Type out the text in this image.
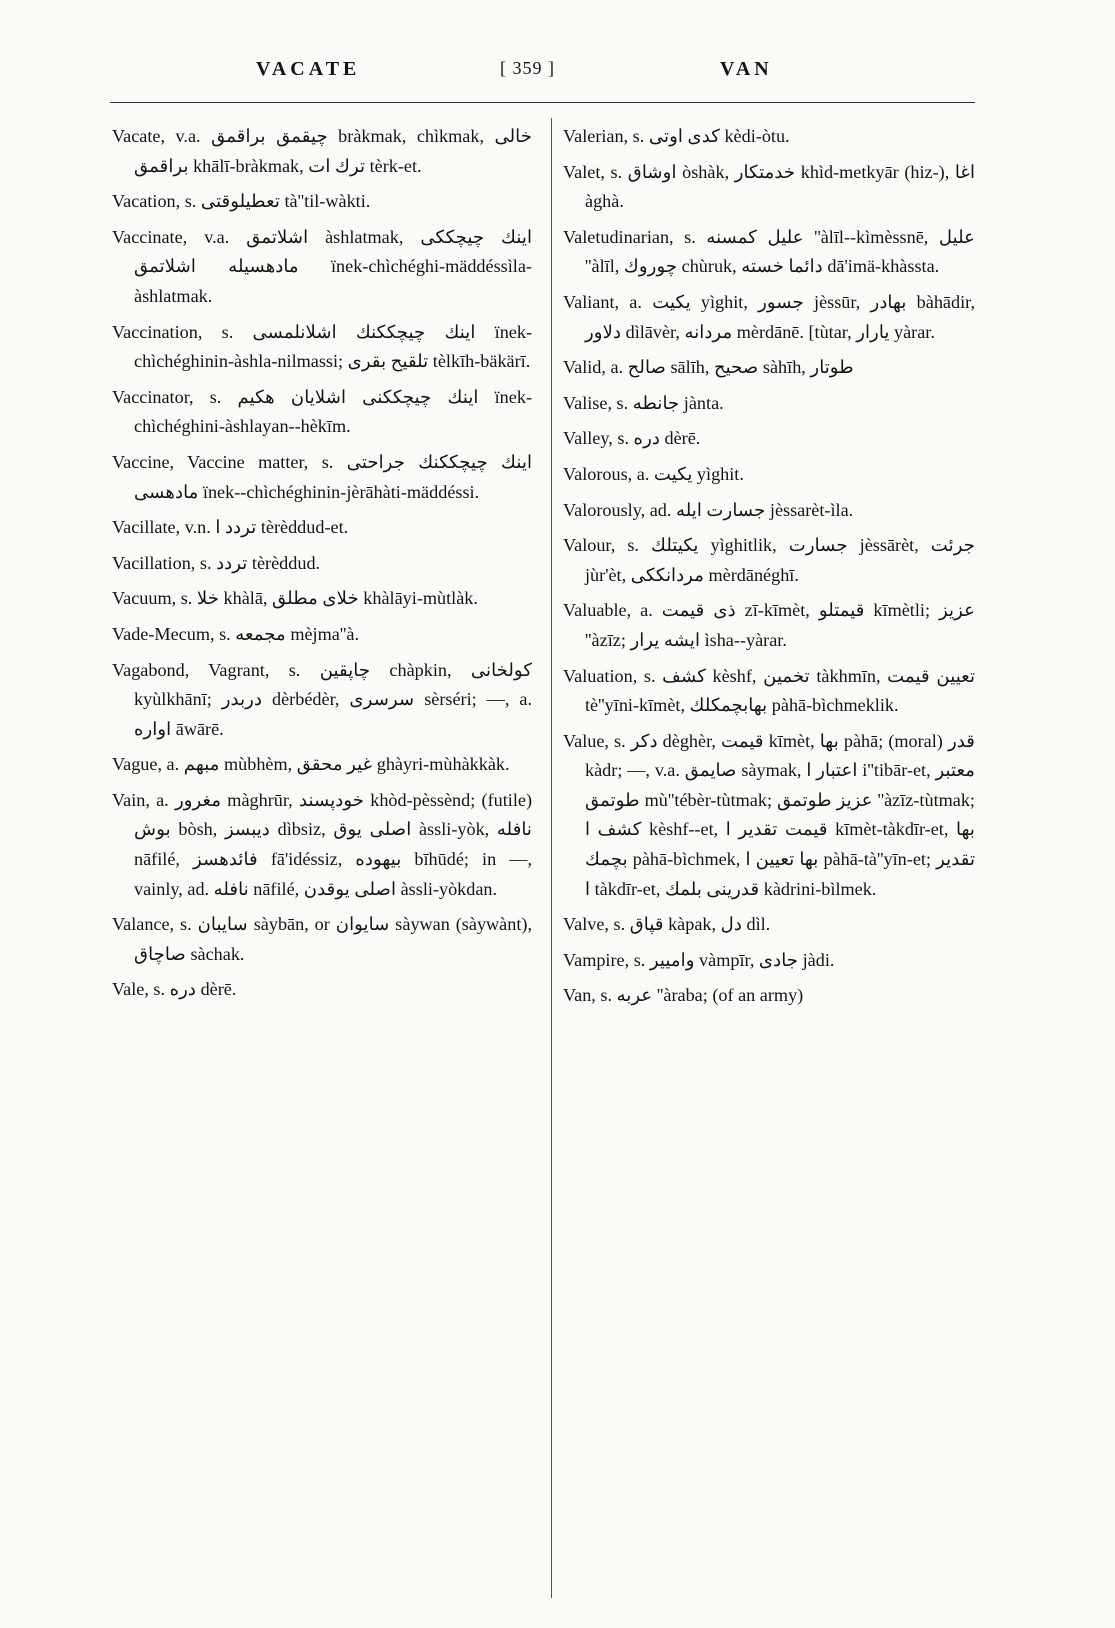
VACATE	[ 359 ]	VAN

Vacate, v.a. چيقمق براقمق bràkmak, chìkmak, خالى براقمق khālī-bràkmak, ترك ات tèrk-et.

Vacation, s. تعطيلوقتى tà''til-wàkti.

Vaccinate, v.a. اشلاتمق àshlatmak, اينك چيچككى مادهسيله اشلاتمق ïnek-chìchéghi-mäddéssìla-àshlatmak.

Vaccination, s. اينك چيچككنك اشلانلمسى ïnek-chìchéghinin-àshla-nilmassi; تلقيح بقرى tèlkīh-bäkärī.

Vaccinator, s. اينك چيچككنى اشلايان هكيم ïnek-chìchéghini-àshlayan--hèkīm.

Vaccine, Vaccine matter, s. اينك چيچككنك جراحتى مادهسى ïnek--chìchéghinin-jèrāhàti-mäddéssi.

Vacillate, v.n. تردد ا tèrèddud-et.

Vacillation, s. تردد tèrèddud.

Vacuum, s. خلا khàlā, خلاى مطلق khàlāyi-mùtlàk.

Vade-Mecum, s. مجمعه mèjma''à.

Vagabond, Vagrant, s. چاپقين chàpkin, كولخانى kyùlkhānī; دربدر dèrbédèr, سرسرى sèrséri; —, a. اواره āwārē.

Vague, a. مبهم mùbhèm, غير محقق ghàyri-mùhàkkàk.

Vain, a. مغرور màghrūr, خودپسند khòd-pèssènd; (futile) بوش bòsh, ديبسز dìbsiz, اصلى يوق àssli-yòk, نافله nāfilé, فائدهسز fā'idéssiz, بيهوده bīhūdé; in —, vainly, ad. نافله nāfilé, اصلى يوقدن àssli-yòkdan.

Valance, s. سايبان sàybān, or سايوان sàywan (sàywànt), صاچاق sàchak.

Vale, s. دره dèrē.

Valerian, s. كدى اوتى kèdi-òtu.

Valet, s. اوشاق òshàk, خدمتكار khìd-metkyār (hiz-), اغا àghà.

Valetudinarian, s. عليل كمسنه ''àlīl--kìmèssnē, عليل ''àlīl, چوروك chùruk, دائما خسته dā'imä-khàssta.

Valiant, a. يكيت yìghit, جسور jèssūr, بهادر bàhādir, دلاور dìlāvèr, مردانه mèrdānē. [tùtar, يارار yàrar.

Valid, a. صالح sālīh, صحيح sàhīh, طوتار

Valise, s. جانطه jànta.

Valley, s. دره dèrē.

Valorous, a. يكيت yìghit.

Valorously, ad. جسارت ايله jèssarèt-ìla.

Valour, s. يكيتلك yìghitlik, جسارت jèssārèt, جرئت jùr'èt, مردانككى mèrdānéghī.

Valuable, a. ذى قيمت zī-kīmèt, قيمتلو kīmètli; عزيز ''àzīz; ايشه يرار ìsha--yàrar.

Valuation, s. كشف kèshf, تخمين tàkhmīn, تعيين قيمت tè''yīni-kīmèt, بهابچمكلك pàhā-bìchmeklik.

Value, s. دكر dèghèr, قيمت kīmèt, بها pàhā; (moral) قدر kàdr; —, v.a. صايمق sàymak, اعتبار ا i''tibār-et, معتبر طوتمق mù''tébèr-tùtmak; عزيز طوتمق ''àzīz-tùtmak; كشف ا kèshf--et, قيمت تقدير ا kīmèt-tàkdīr-et, بها بچمك pàhā-bìchmek, بها تعيين ا pàhā-tà''yīn-et; تقدير ا tàkdīr-et, قدرينى بلمك kàdrini-bìlmek.

Valve, s. قپاق kàpak, دل dìl.

Vampire, s. واميير vàmpīr, جادى jàdi.

Van, s. عربه ''àraba; (of an army)
